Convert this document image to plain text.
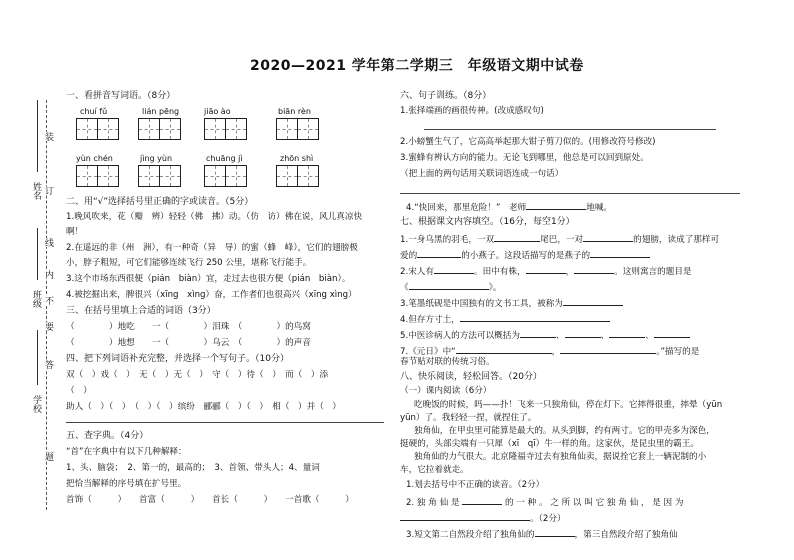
2020—2021 学年第二学期三　年级语文期中试卷
姓名
班级
学校
装
订
线
内
不
要
答
题
一、看拼音写词语。（8分）
chuí fǔ	lián pēng	jiāo ào	biān rèn
yùn chén	jìng yùn	chuāng jì	zhōn shì
二、用“√”选择括号里正确的字或读音。（5分）
1.晚风吹来，花（瓣　辨）轻轻（佛　拂）动。（仿　访）佛在说，风儿真凉快
啊！
2.在遥远的非（州　洲），有一种奇（异　导）的蜜（蜂　峰），它们的翅膀极
小，脖子粗短，可它们能够连续飞行 250 公里，堪称飞行能手。
3.这个市场东西很便（pián　biàn）宜，走过去也很方便（pián　biàn）。
4.被挖掘出来，脾很兴（xīng　xìng）奋，工作者们也很高兴（xīng xìng）
三、在括号里填上合适的词语（3分）
（　　　　）地吃　　一（　　　　）泪珠　（　　　　）的鸟窝
（　　　　）地想　　一（　　　　）乌云　（　　　　）的声音
四、把下列词语补充完整，并选择一个写句子。（10分）
双（　）戏（　）　无（　）无（　）　守（　）待（　）　而（　）添
（　）
助人（　）（　）　（　）（　）缤纷　郦郦（　）（　）　相（　）并（　）
五、查字典。（4分）
“首”在字典中有以下几种解释：
1、头、脑袋；　2、第一的，最高的；　3、首领、带头人；4、量词
把恰当解释的序号填在扩号里。
首饰（　　　）　　首富（　　　）　　首长（　　　）　　一首歌（　　　）
六、句子训练。（8分）
1.张择端画的画很传神。(改成感叹句)
2.小螃蟹生气了，它高高举起那大钳子剪刀似的。(用修改符号修改)
3.蜜蜂有辨认方向的能力。无论飞到哪里，他总是可以回到原处。
（把上面的两句话用关联词语连成一句话）
4.“快回来，那里危险！”　老师	地喊。
七、根据课文内容填空。（16分，每空1分）
1.一身乌黑的羽毛，一双	尾巴，一对	的翅膀，读成了那样可
爱的	的小燕子。这段话描写的是燕子的
2.宋人有	。田中有株，	，	。这则寓言的题目是
《	》。
3.笔墨纸砚是中国独有的文书工具，被称为
4.但存方寸土，
5.中医诊病人的方法可以概括为	、	、	、
7.《元日》中“	，	。”描写的是
春节贴对联的传统习俗。
八、快乐阅读，轻松回答。（20分）
（一）课内阅读（6分）
吃晚饭的时候，吗——扑！飞来一只独角仙，停在灯下。它摔得很重，摔晕（yūn
yūn）了。我轻轻一捏，就捏住了。
独角仙，在甲虫里可能算是最大的。从头到脚，约有两寸。它的甲壳多为深色，
挺硬的，头部尖端有一只犀（xī　qī）牛一样的角。这家伙，是昆虫里的霸王。
独角仙的力气很大。北京隆福寺过去有独角仙卖，据说拴它套上一辆泥制的小
车，它拉着就走。
1.划去括号中不正确的读音。（2分）
2. 独 角 仙 是	的 一 种 。 之 所 以 叫 它 独 角 仙 ， 是 因 为
。（2分）
3.短文第二自然段介绍了独角仙的	，第三自然段介绍了独角仙
